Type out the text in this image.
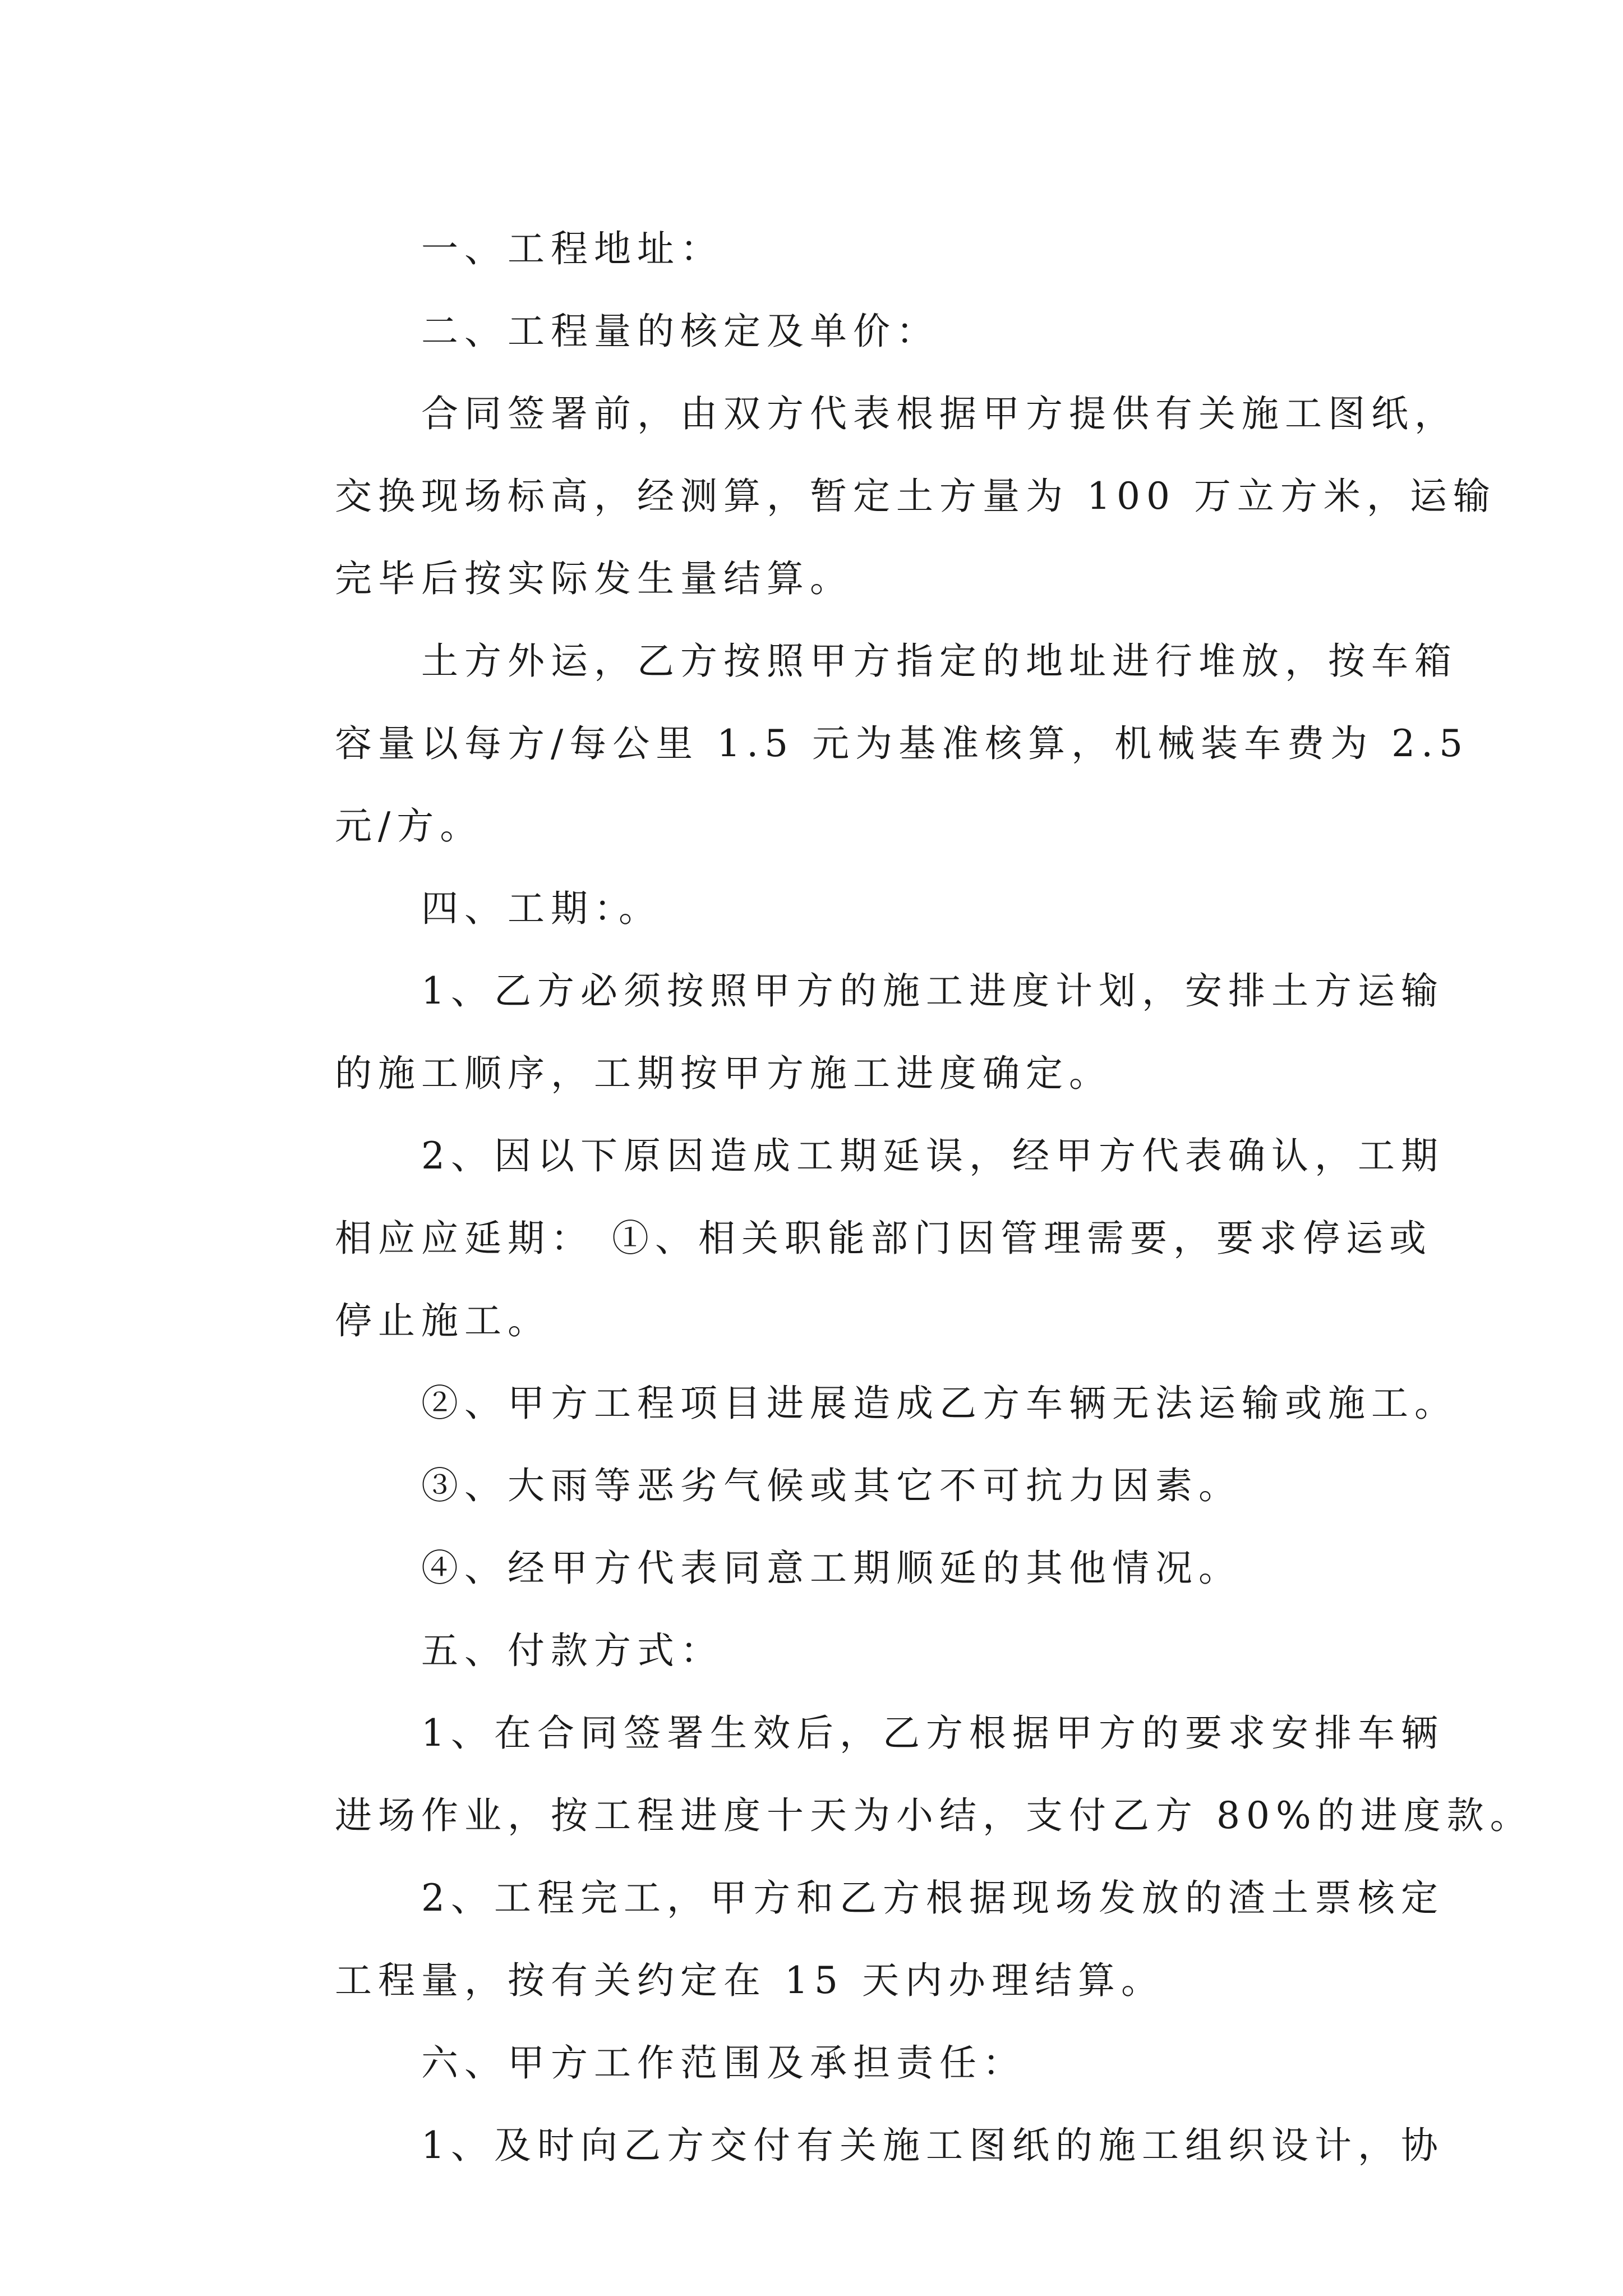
一、工程地址：
二、工程量的核定及单价：
合同签署前，由双方代表根据甲方提供有关施工图纸，
交换现场标高，经测算，暂定土方量为 100 万立方米，运输
完毕后按实际发生量结算。
土方外运，乙方按照甲方指定的地址进行堆放，按车箱
容量以每方/每公里 1.5 元为基准核算，机械装车费为 2.5
元/方。
四、工期：。
1、乙方必须按照甲方的施工进度计划，安排土方运输
的施工顺序，工期按甲方施工进度确定。
2、因以下原因造成工期延误，经甲方代表确认，工期
相应应延期： ①、相关职能部门因管理需要，要求停运或
停止施工。
②、甲方工程项目进展造成乙方车辆无法运输或施工。
③、大雨等恶劣气候或其它不可抗力因素。
④、经甲方代表同意工期顺延的其他情况。
五、付款方式：
1、在合同签署生效后，乙方根据甲方的要求安排车辆
进场作业，按工程进度十天为小结，支付乙方 80%的进度款。
2、工程完工，甲方和乙方根据现场发放的渣土票核定
工程量，按有关约定在 15 天内办理结算。
六、甲方工作范围及承担责任：
1、及时向乙方交付有关施工图纸的施工组织设计，协
